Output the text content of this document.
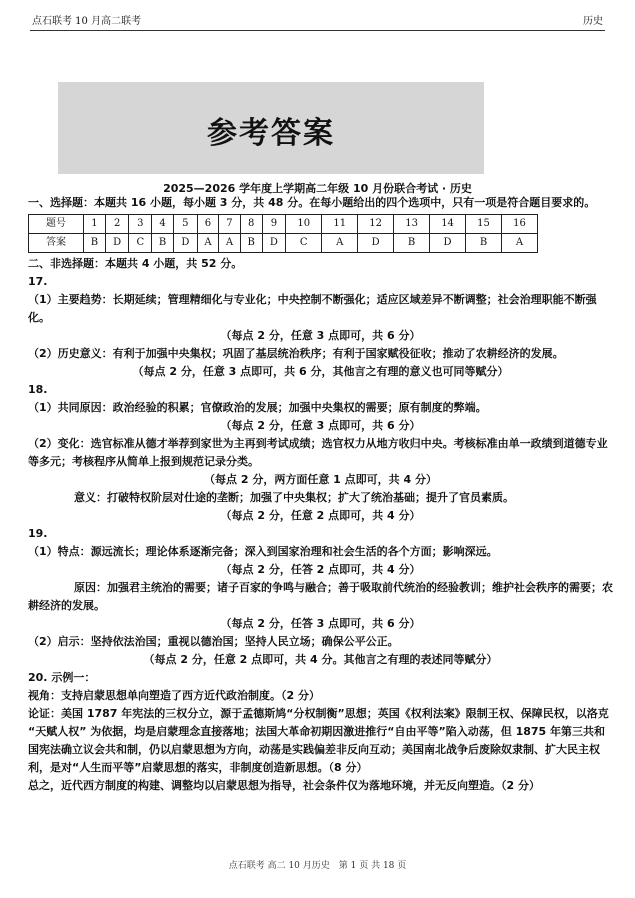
点石联考 10 月高二联考	历史
参考答案
2025—2026 学年度上学期高二年级 10 月份联合考试 · 历史

一、选择题：本题共 16 小题，每小题 3 分，共 48 分。在每小题给出的四个选项中，只有一项是符合题目要求的。

题号	1	2	3	4	5	6	7	8	9	10	11	12	13	14	15	16
答案	B	D	C	B	D	A	A	B	D	C	A	D	B	D	B	A

二、非选择题：本题共 4 小题，共 52 分。

17.

（1）主要趋势：长期延续；管理精细化与专业化；中央控制不断强化；适应区域差异不断调整；社会治理职能不断强化。

（每点 2 分，任意 3 点即可，共 6 分）

（2）历史意义：有利于加强中央集权；巩固了基层统治秩序；有利于国家赋役征收；推动了农耕经济的发展。

（每点 2 分，任意 3 点即可，共 6 分，其他言之有理的意义也可同等赋分）

18.

（1）共同原因：政治经验的积累；官僚政治的发展；加强中央集权的需要；原有制度的弊端。

（每点 2 分，任意 3 点即可，共 6 分）

（2）变化：选官标准从德才举荐到家世为主再到考试成绩；选官权力从地方收归中央。考核标准由单一政绩到道德专业等多元；考核程序从简单上报到规范记录分类。

（每点 2 分，两方面任意 1 点即可，共 4 分）

意义：打破特权阶层对仕途的垄断；加强了中央集权；扩大了统治基础；提升了官员素质。

（每点 2 分，任意 2 点即可，共 4 分）

19.

（1）特点：源远流长；理论体系逐渐完备；深入到国家治理和社会生活的各个方面；影响深远。

（每点 2 分，任答 2 点即可，共 4 分）

原因：加强君主统治的需要；诸子百家的争鸣与融合；善于吸取前代统治的经验教训；维护社会秩序的需要；农耕经济的发展。

（每点 2 分，任答 3 点即可，共 6 分）

（2）启示：坚持依法治国；重视以德治国；坚持人民立场；确保公平公正。

（每点 2 分，任意 2 点即可，共 4 分。其他言之有理的表述同等赋分）

20. 示例一：

视角：支持启蒙思想单向塑造了西方近代政治制度。（2 分）

论证：美国 1787 年宪法的三权分立，源于孟德斯鸠“分权制衡”思想；英国《权利法案》限制王权、保障民权，以洛克 “天赋人权” 为依据，均是启蒙理念直接落地；法国大革命初期因激进推行“自由平等”陷入动荡，但 1875 年第三共和国宪法确立议会共和制，仍以启蒙思想为方向，动荡是实践偏差非反向互动；美国南北战争后废除奴隶制、扩大民主权利，是对“人生而平等”启蒙思想的落实，非制度创造新思想。（8 分）

总之，近代西方制度的构建、调整均以启蒙思想为指导，社会条件仅为落地环境，并无反向塑造。（2 分）

点石联考 高二 10 月历史　第 1 页 共 18 页
